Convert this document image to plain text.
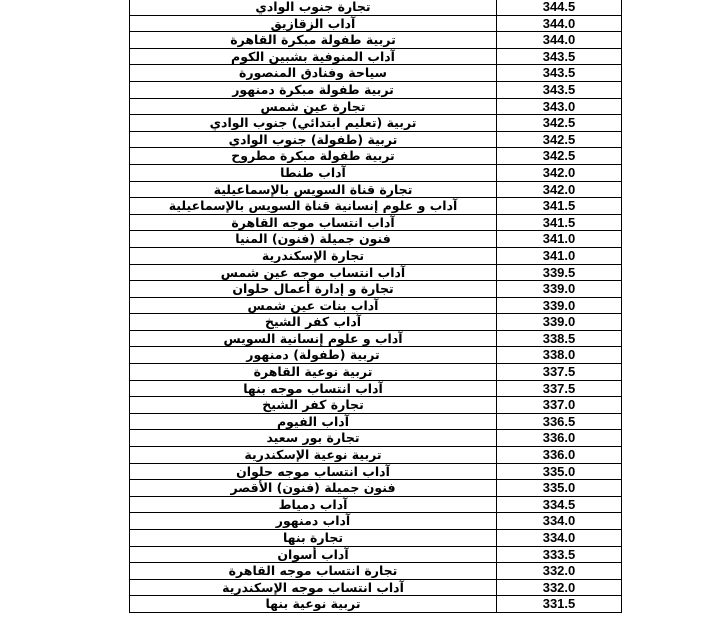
تجارة جنوب الوادي	344.5
آداب الزقازيق	344.0
تربية طفولة مبكرة القاهرة	344.0
آداب المنوفية بشبين الكوم	343.5
سياحة وفنادق المنصورة	343.5
تربية طفولة مبكرة دمنهور	343.5
تجارة عين شمس	343.0
تربية (تعليم ابتدائي) جنوب الوادي	342.5
تربية (طفولة) جنوب الوادي	342.5
تربية طفولة مبكرة مطروح	342.5
آداب طنطا	342.0
تجارة قناة السويس بالإسماعيلية	342.0
آداب و علوم إنسانية قناة السويس بالإسماعيلية	341.5
آداب انتساب موجه القاهرة	341.5
فنون جميلة (فنون) المنيا	341.0
تجارة الإسكندرية	341.0
آداب انتساب موجه عين شمس	339.5
تجارة و إدارة أعمال حلوان	339.0
آداب بنات عين شمس	339.0
آداب كفر الشيخ	339.0
آداب و علوم إنسانية السويس	338.5
تربية (طفولة) دمنهور	338.0
تربية نوعية القاهرة	337.5
آداب انتساب موجه بنها	337.5
تجارة كفر الشيخ	337.0
آداب الفيوم	336.5
تجارة بور سعيد	336.0
تربية نوعية الإسكندرية	336.0
آداب انتساب موجه حلوان	335.0
فنون جميلة (فنون) الأقصر	335.0
آداب دمياط	334.5
آداب دمنهور	334.0
تجارة بنها	334.0
آداب أسوان	333.5
تجارة انتساب موجه القاهرة	332.0
آداب انتساب موجه الإسكندرية	332.0
تربية نوعية بنها	331.5
